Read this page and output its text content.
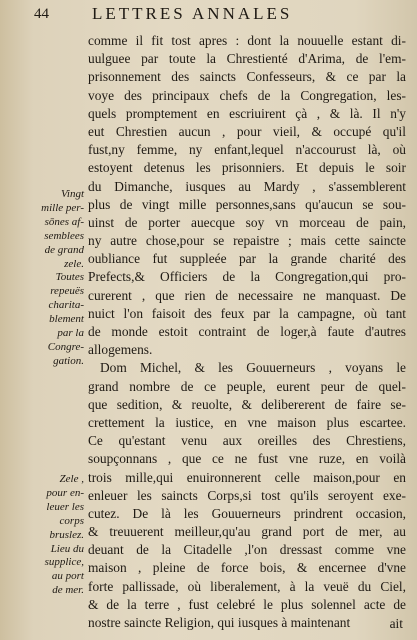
44	LETTRES ANNALES
Vingt
mille per-
sōnes af-
semblees
de grand
zele.
Toutes
repeuës
charita-
blement
par la
Congre-
gation.
Zele ,
pour en-
leuer les
corps
bruslez.
Lieu du
supplice,
au port
de mer.
comme il fit tost apres : dont la nouuelle estant di-
uulguee par toute la Chrestienté d'Arima, de l'em-
prisonnement des saincts Confesseurs, & ce par la
voye des principaux chefs de la Congregation, les-
quels promptement en escriuirent çà , & là. Il n'y
eut Chrestien aucun , pour vieil, & occupé qu'il
fust,ny femme, ny enfant,lequel n'accourust là, où
estoyent detenus les prisonniers. Et depuis le soir
du Dimanche, iusques au Mardy , s'assemblerent
plus de vingt mille personnes,sans qu'aucun se sou-
uinst de porter auecque soy vn morceau de pain,
ny autre chose,pour se repaistre ; mais cette saincte
oubliance fut suppleée par la grande charité des
Prefects,& Officiers de la Congregation,qui pro-
curerent , que rien de necessaire ne manquast. De
nuict l'on faisoit des feux par la campagne, où tant
de monde estoit contraint de loger,à faute d'autres
allogemens.
Dom Michel, & les Gouuerneurs , voyans le
grand nombre de ce peuple, eurent peur de quel-
que sedition, & reuolte, & delibererent de faire se-
crettement la iustice, en vne maison plus escartee.
Ce qu'estant venu aux oreilles des Chrestiens,
soupçonnans , que ce ne fust vne ruze, en voilà
trois mille,qui enuironnerent celle maison,pour en
enleuer les saincts Corps,si tost qu'ils seroyent exe-
cutez. De là les Gouuerneurs prindrent occasion,
& treuuerent meilleur,qu'au grand port de mer, au
deuant de la Citadelle ,l'on dressast comme vne
maison , pleine de force bois, & encernee d'vne
forte pallissade, où liberalement, à la veuë du Ciel,
& de la terre , fust celebré le plus solennel acte de
nostre saincte Religion, qui iusques à maintenant	ait
